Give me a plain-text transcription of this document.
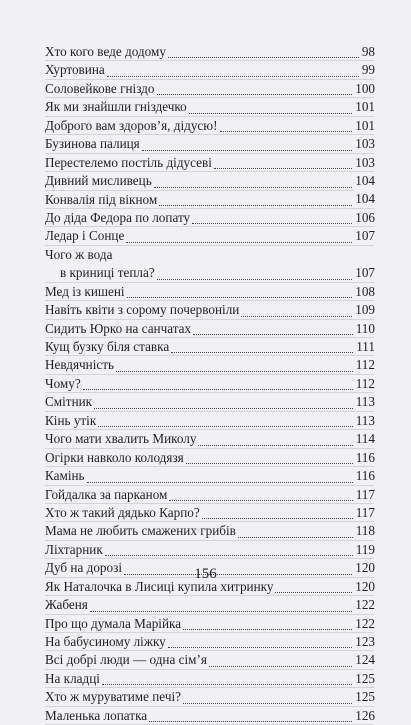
Хто кого веде додому	98
Хуртовина	99
Соловейкове гніздо	100
Як ми знайшли гніздечко	101
Доброго вам здоров’я, дідусю!	101
Бузинова палиця	103
Перестелемо постіль дідусеві	103
Дивний мисливець	104
Конвалія під вікном	104
До діда Федора по лопату	106
Ледар і Сонце	107
Чого ж вода
в криниці тепла?	107
Мед із кишені	108
Навіть квіти з сорому почервоніли	109
Сидить Юрко на санчатах	110
Кущ бузку біля ставка	111
Невдячність	112
Чому?	112
Смітник	113
Кінь утік	113
Чого мати хвалить Миколу	114
Огірки навколо колодязя	116
Камінь	116
Гойдалка за парканом	117
Хто ж такий дядько Карпо?	117
Мама не любить смажених грибів	118
Ліхтарник	119
Дуб на дорозі	120
Як Наталочка в Лисиці купила хитринку	120
Жабеня	122
Про що думала Марійка	122
На бабусиному ліжку	123
Всі добрі люди — одна сім’я	124
На кладці	125
Хто ж муруватиме печі?	125
Маленька лопатка	126
156
